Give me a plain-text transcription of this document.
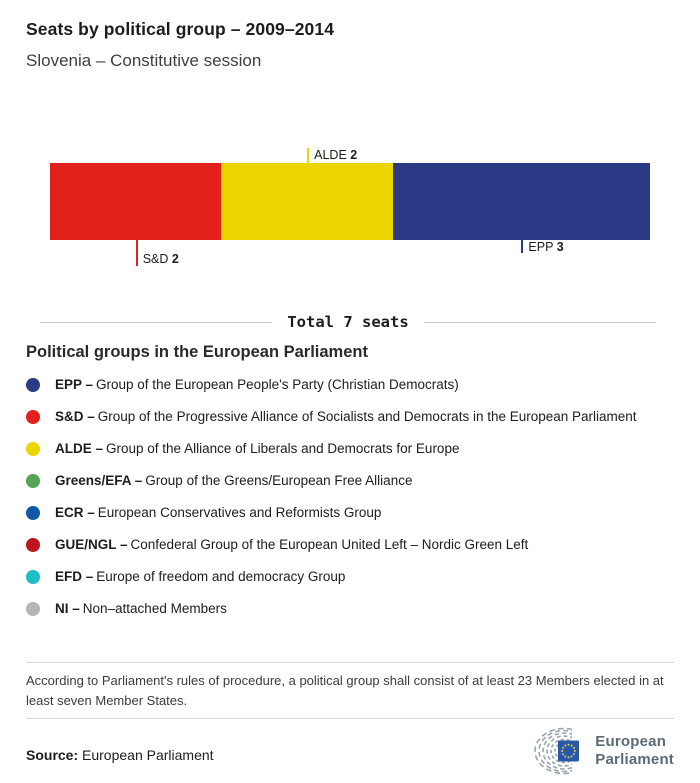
Seats by political group – 2009–2014
Slovenia – Constitutive session
ALDE 2
S&D 2
EPP 3
Total 7 seats
Political groups in the European Parliament
EPP – Group of the European People's Party (Christian Democrats)
S&D – Group of the Progressive Alliance of Socialists and Democrats in the European Parliament
ALDE – Group of the Alliance of Liberals and Democrats for Europe
Greens/EFA – Group of the Greens/European Free Alliance
ECR – European Conservatives and Reformists Group
GUE/NGL – Confederal Group of the European United Left – Nordic Green Left
EFD – Europe of freedom and democracy Group
NI – Non–attached Members
According to Parliament's rules of procedure, a political group shall consist of at least 23 Members elected in at least seven Member States.
Source: European Parliament
European
Parliament
